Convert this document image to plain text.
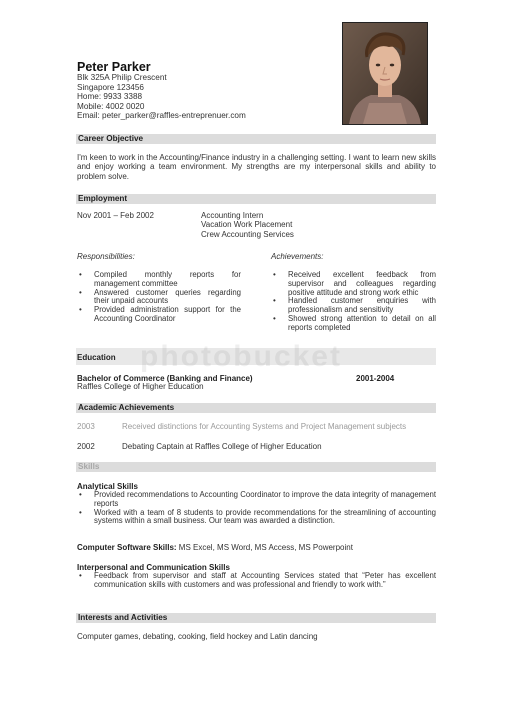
Peter Parker
Blk 325A Philip Crescent
Singapore 123456
Home: 9933 3388
Mobile: 4002 0020
Email: peter_parker@raffles-entreprenuer.com
Career Objective
I'm keen to work in the Accounting/Finance industry in a challenging setting. I want to learn new skills and enjoy working a team environment. My strengths are my interpersonal skills and ability to problem solve.
Employment
Nov 2001 – Feb 2002	Accounting Intern
Vacation Work Placement
Crew Accounting Services
Responsibilities:	Achievements:
• Compiled monthly reports for management committee
• Answered customer queries regarding their unpaid accounts
• Provided administration support for the Accounting Coordinator
• Received excellent feedback from supervisor and colleagues regarding positive attitude and strong work ethic
• Handled customer enquiries with professionalism and sensitivity
• Showed strong attention to detail on all reports completed
photobucket
Education
Bachelor of Commerce (Banking and Finance)	2001-2004
Raffles College of Higher Education
Academic Achievements
2003	Received distinctions for Accounting Systems and Project Management subjects
2002	Debating Captain at Raffles College of Higher Education
Skills
Analytical Skills
• Provided recommendations to Accounting Coordinator to improve the data integrity of management reports
• Worked with a team of 8 students to provide recommendations for the streamlining of accounting systems within a small business. Our team was awarded a distinction.
Computer Software Skills: MS Excel, MS Word, MS Access, MS Powerpoint
Interpersonal and Communication Skills
• Feedback from supervisor and staff at Accounting Services stated that “Peter has excellent communication skills with customers and was professional and friendly to work with.”
Interests and Activities
Computer games, debating, cooking, field hockey and Latin dancing
